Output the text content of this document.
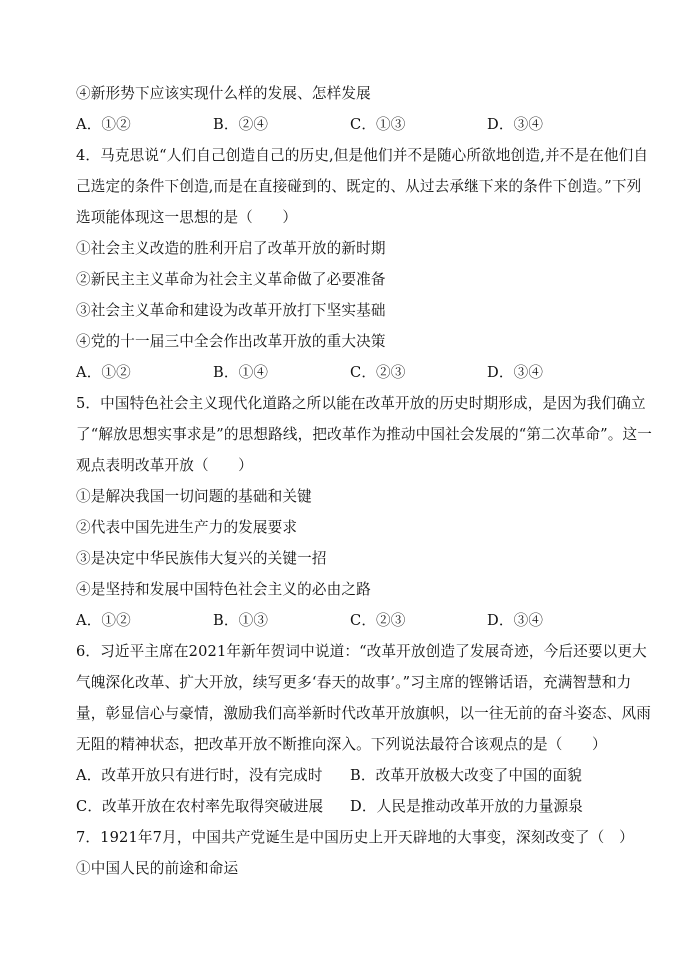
④新形势下应该实现什么样的发展、怎样发展
A．①②	B．②④	C．①③	D．③④
4．马克思说“人们自己创造自己的历史,但是他们并不是随心所欲地创造,并不是在他们自
己选定的条件下创造,而是在直接碰到的、既定的、从过去承继下来的条件下创造。”下列
选项能体现这一思想的是（　　）
①社会主义改造的胜利开启了改革开放的新时期
②新民主主义革命为社会主义革命做了必要准备
③社会主义革命和建设为改革开放打下坚实基础
④党的十一届三中全会作出改革开放的重大决策
A．①②	B．①④	C．②③	D．③④
5．中国特色社会主义现代化道路之所以能在改革开放的历史时期形成，是因为我们确立
了“解放思想实事求是”的思想路线，把改革作为推动中国社会发展的“第二次革命”。这一
观点表明改革开放（　　）
①是解决我国一切问题的基础和关键
②代表中国先进生产力的发展要求
③是决定中华民族伟大复兴的关键一招
④是坚持和发展中国特色社会主义的必由之路
A．①②	B．①③	C．②③	D．③④
6．习近平主席在2021年新年贺词中说道：“改革开放创造了发展奇迹，今后还要以更大
气魄深化改革、扩大开放，续写更多‘春天的故事’。”习主席的铿锵话语，充满智慧和力
量，彰显信心与豪情，激励我们高举新时代改革开放旗帜，以一往无前的奋斗姿态、风雨
无阻的精神状态，把改革开放不断推向深入。下列说法最符合该观点的是（　　）
A．改革开放只有进行时，没有完成时	B．改革开放极大改变了中国的面貌
C．改革开放在农村率先取得突破进展	D．人民是推动改革开放的力量源泉
7．1921年7月，中国共产党诞生是中国历史上开天辟地的大事变，深刻改变了（　）
①中国人民的前途和命运
